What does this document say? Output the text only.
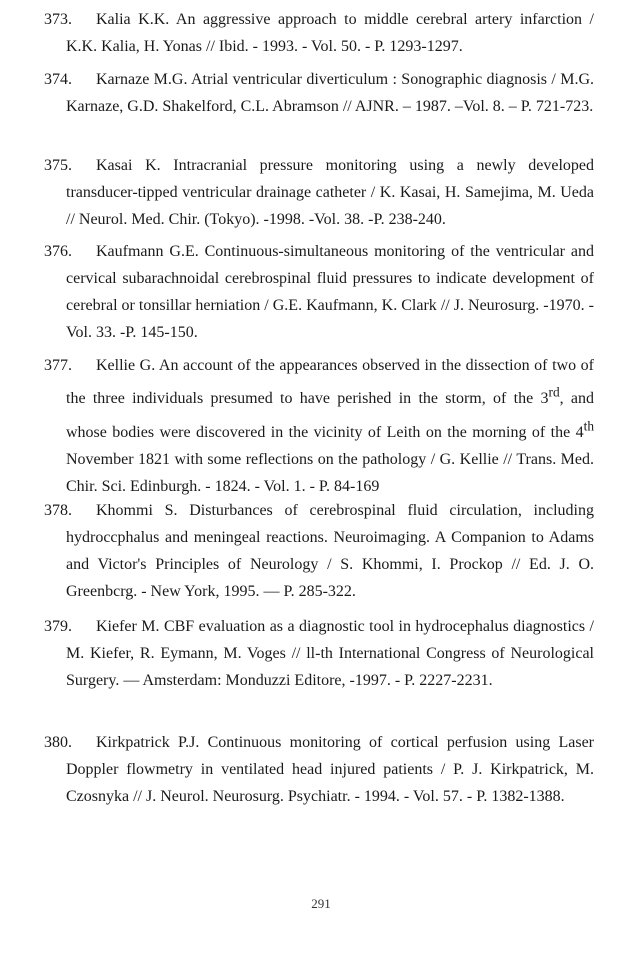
373. Kalia K.K. An aggressive approach to middle cerebral artery infarction / K.K. Kalia, H. Yonas // Ibid. - 1993. - Vol. 50. - P. 1293-1297.

374. Karnaze M.G. Atrial ventricular diverticulum : Sonographic diagnosis / M.G. Karnaze, G.D. Shakelford, C.L. Abramson // AJNR. – 1987. –Vol. 8. – P. 721-723.

375. Kasai K. Intracranial pressure monitoring using a newly developed transducer-tipped ventricular drainage catheter / K. Kasai, H. Samejima, M. Ueda // Neurol. Med. Chir. (Tokyo). -1998. -Vol. 38. -P. 238-240.

376. Kaufmann G.E. Continuous-simultaneous monitoring of the ventricular and cervical subarachnoidal cerebrospinal fluid pressures to indicate development of cerebral or tonsillar herniation / G.E. Kaufmann, K. Clark // J. Neurosurg. -1970. -Vol. 33. -P. 145-150.

377. Kellie G. An account of the appearances observed in the dissection of two of the three individuals presumed to have perished in the storm, of the 3rd, and whose bodies were discovered in the vicinity of Leith on the morning of the 4th November 1821 with some reflections on the pathology / G. Kellie // Trans. Med. Chir. Sci. Edinburgh. - 1824. - Vol. 1. - P. 84-169

378. Khommi S. Disturbances of cerebrospinal fluid circulation, including hydroccphalus and meningeal reactions. Neuroimaging. A Companion to Adams and Victor's Principles of Neurology / S. Khommi, I. Prockop // Ed. J. O. Greenbcrg. - New York, 1995. — P. 285-322.

379. Kiefer M. CBF evaluation as a diagnostic tool in hydrocephalus diagnostics / M. Kiefer, R. Eymann, M. Voges // ll-th International Congress of Neurological Surgery. — Amsterdam: Monduzzi Editore, -1997. - P. 2227-2231.

380. Kirkpatrick P.J. Continuous monitoring of cortical perfusion using Laser Doppler flowmetry in ventilated head injured patients / P. J. Kirkpatrick, M. Czosnyka // J. Neurol. Neurosurg. Psychiatr. - 1994. - Vol. 57. - P. 1382-1388.

291
